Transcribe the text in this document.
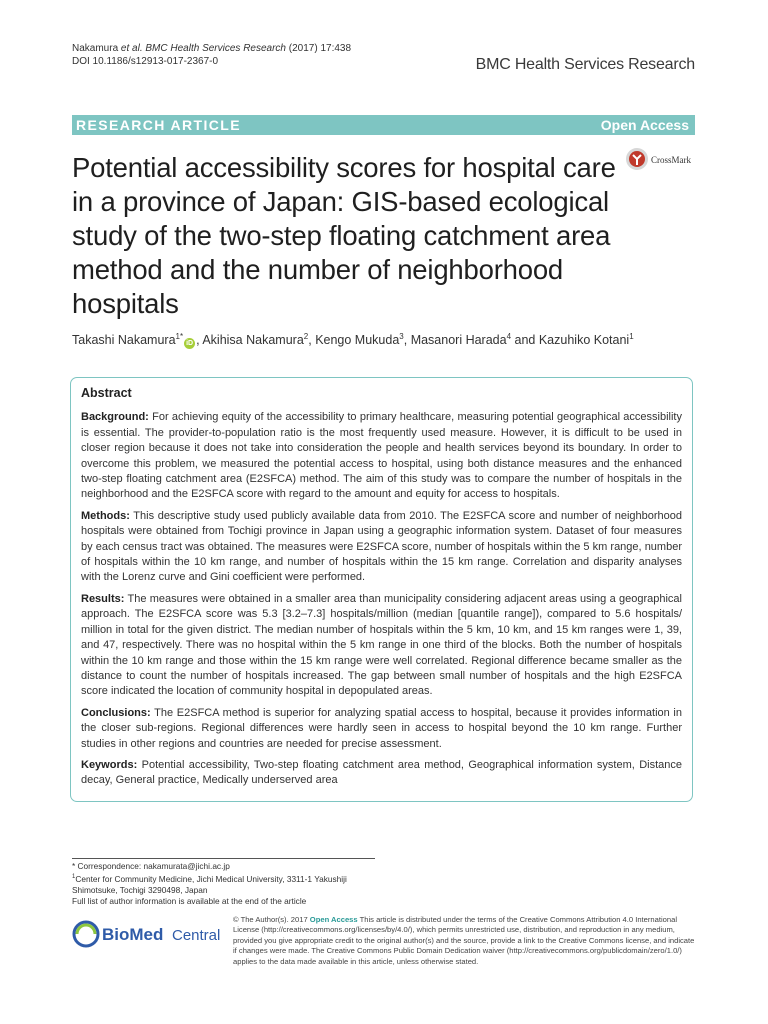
Nakamura et al. BMC Health Services Research (2017) 17:438
DOI 10.1186/s12913-017-2367-0	BMC Health Services Research
RESEARCH ARTICLE	Open Access
CrossMark
Potential accessibility scores for hospital care in a province of Japan: GIS-based ecological study of the two-step floating catchment area method and the number of neighborhood hospitals
Takashi Nakamura$^{1*}$iD , Akihisa Nakamura$^2$, Kengo Mukuda$^3$, Masanori Harada$^4$ and Kazuhiko Kotani$^1$
Abstract

Background: For achieving equity of the accessibility to primary healthcare, measuring potential geographical accessibility is essential. The provider-to-population ratio is the most frequently used measure. However, it is difficult to be used in closer region because it does not take into consideration the people and health services beyond its boundary. In order to overcome this problem, we measured the potential access to hospital, using both distance measures and the enhanced two-step floating catchment area (E2SFCA) method. The aim of this study was to compare the number of hospitals in the neighborhood and the E2SFCA score with regard to the amount and equity for access to hospitals.

Methods: This descriptive study used publicly available data from 2010. The E2SFCA score and number of neighborhood hospitals were obtained from Tochigi province in Japan using a geographic information system. Dataset of four measures by each census tract was obtained. The measures were E2SFCA score, number of hospitals within the 5 km range, number of hospitals within the 10 km range, and number of hospitals within the 15 km range. Correlation and disparity analyses with the Lorenz curve and Gini coefficient were performed.

Results: The measures were obtained in a smaller area than municipality considering adjacent areas using a geographical approach. The E2SFCA score was 5.3 [3.2–7.3] hospitals/million (median [quantile range]), compared to 5.6 hospitals/ million in total for the given district. The median number of hospitals within the 5 km, 10 km, and 15 km ranges were 1, 39, and 47, respectively. There was no hospital within the 5 km range in one third of the blocks. Both the number of hospitals within the 10 km range and those within the 15 km range were well correlated. Regional difference became smaller as the distance to count the number of hospitals increased. The gap between small number of hospitals and the high E2SFCA score indicated the location of community hospital in depopulated areas.

Conclusions: The E2SFCA method is superior for analyzing spatial access to hospital, because it provides information in the closer sub-regions. Regional differences were hardly seen in access to hospital beyond the 10 km range. Further studies in other regions and countries are needed for precise assessment.

Keywords: Potential accessibility, Two-step floating catchment area method, Geographical information system, Distance decay, General practice, Medically underserved area

* Correspondence: nakamurata@jichi.ac.jp
$^1$Center for Community Medicine, Jichi Medical University, 3311-1 Yakushiji
Shimotsuke, Tochigi 3290498, Japan
Full list of author information is available at the end of the article
BioMed Central
© The Author(s). 2017 Open Access This article is distributed under the terms of the Creative Commons Attribution 4.0 International License (http://creativecommons.org/licenses/by/4.0/), which permits unrestricted use, distribution, and reproduction in any medium, provided you give appropriate credit to the original author(s) and the source, provide a link to the Creative Commons license, and indicate if changes were made. The Creative Commons Public Domain Dedication waiver (http://creativecommons.org/publicdomain/zero/1.0/) applies to the data made available in this article, unless otherwise stated.
